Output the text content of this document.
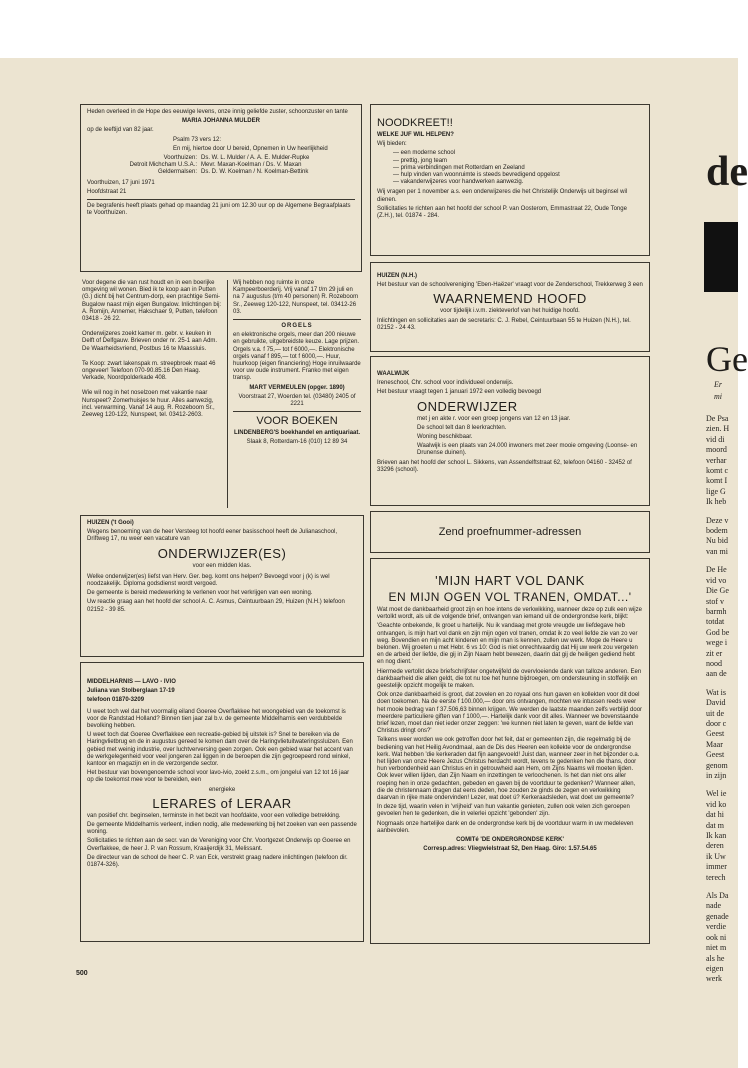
Heden overleed in de Hope des eeuwige levens, onze innig geliefde zuster, schoonzuster en tante

MARIA JOHANNA MULDER

op de leeftijd van 82 jaar.

Psalm 73 vers 12:

En mij, hiertoe door U bereid, Opnemen in Uw heerlijkheid

Voorthuizen: Ds. W. L. Mulder / A. A. E. Mulder-Rupke
Detroit Michcham U.S.A.: Mevr. Maxan-Koelman / Ds. V. Maxan
Geldermalsen: Ds. D. W. Koelman / N. Koelman-Bettink

Voorthuizen, 17 juni 1971

Hoofdstraat 21

De begrafenis heeft plaats gehad op maandag 21 juni om 12.30 uur op de Algemene Begraafplaats te Voorthuizen.

Voor degene die van rust houdt en in een boerijke omgeving wil wonen. Bied ik te koop aan in Putten (G.) dicht bij het Centrum-dorp, een prachtige Semi-Bugalow naast mijn eigen Bungalow. Inlichtingen bij: A. Romijn, Annemer, Hakschaer 9, Putten, telefoon 03418 - 26 22.

Onderwijzeres zoekt kamer m. gebr. v. keuken in Delft of Delfgauw. Brieven onder nr. 25-1 aan Adm. De Waarheidsvriend, Postbus 16 te Maassluis.

Te Koop: zwart lakenspak m. streepbroek maat 46 ongeveer! Telefoon 070-90.85.16 Den Haag. Verkade, Noordpolderkade 408.

Wie wil nog in het noselzoen met vakantie naar Nunspeet? Zomerhuisjes te huur. Alles aanwezig, incl. verwarming. Vanaf 14 aug. R. Rozeboom Sr., Zeeweg 120-122, Nunspeet, tel. 03412-2603.

Wij hebben nog ruimte in onze Kampeerboerderij. Vrij vanaf 17 t/m 29 juli en na 7 augustus (t/m 40 personen) R. Rozeboom Sr., Zeeweg 120-122, Nunspeet, tel. 03412-26 03.

ORGELS

en elektronische orgels, meer dan 200 nieuwe en gebruikte, uitgebreidste keuze. Lage prijzen. Orgels v.a. f 75,— tot f 6000,—. Elektronische orgels vanaf f 895,— tot f 6000,—. Huur, huurkoop (eigen financiering) Hoge inruilwaarde voor uw oude instrument. Franko met eigen transp.

MART VERMEULEN (opger. 1890)

Voorstraat 27, Woerden tel. (03480) 2405 of 2221

VOOR BOEKEN

LINDENBERG'S boekhandel en antiquariaat.

Slaak 8, Rotterdam-16 (010) 12 89 34

HUIZEN ('t Gooi)

Wegens benoeming van de heer Versteeg tot hoofd eener basisschool heeft de Julianaschool, Driftweg 17, nu weer een vacature van

ONDERWIJZER(ES)

voor een midden klas.

Welke onderwijzer(es) liefst van Herv. Ger. beg. komt ons helpen? Bevoegd voor j (k) is wel noodzakelijk. Diploma godsdienst wordt vergoed.

De gemeente is bereid medewerking te verlenen voor het verkrijgen van een woning.

Uw reactie graag aan het hoofd der school A. C. Asmus, Ceintuurbaan 29, Huizen (N.H.) telefoon 02152 - 39 85.

MIDDELHARNIS — LAVO - IVIO

Juliana van Stolberglaan 17-19

telefoon 01870-3209

U weet toch wel dat het voormalig eiland Goeree Overflakkee het woongebied van de toekomst is voor de Randstad Holland? Binnen tien jaar zal b.v. de gemeente Middelharnis een verdubbelde bevolking hebben.

U weet toch dat Goeree Overflakkee een recreatie-gebied bij uitstek is? Snel te bereiken via de Haringvlietbrug en de in augustus gereed te komen dam over de Haringvlietuitwateringssluizen. Een gebied met weinig industrie, over luchtverversing geen zorgen. Ook een gebied waar het accent van de werkgelegenheid voor veel jongeren zal liggen in de beroepen die zijn gegroepeerd rond winkel, kantoor en magazijn en in de verzorgende sector.

Het bestuur van bovengenoemde school voor lavo-ivio, zoekt z.s.m., om jongelui van 12 tot 16 jaar op die toekomst mee voor te bereiden, een

energieke

LERARES of LERAAR

van positief chr. beginselen, terminste in het bezit van hoofdakte, voor een volledige betrekking.

De gemeente Middelharnis verleent, indien nodig, alle medewerking bij het zoeken van een passende woning.

Sollicitaties te richten aan de secr. van de Vereniging voor Chr. Voortgezet Onderwijs op Goeree en Overflakkee, de heer J. P. van Rossum, Kraaijerdijk 31, Melissant.

De directeur van de school de heer C. P. van Eck, verstrekt graag nadere inlichtingen (telefoon dir. 01874-326).

NOODKREET!!

WELKE JUF WIL HELPEN?

Wij bieden:

— een moderne school

— prettig, jong team

— prima verbindingen met Rotterdam en Zeeland

— hulp vinden van woonruimte is steeds bevredigend opgelost

— vakanderwijzeres voor handwerken aanwezig.

Wij vragen per 1 november a.s. een onderwijzeres die het Christelijk Onderwijs uit beginsel wil dienen.

Sollicitaties te richten aan het hoofd der school P. van Oosterom, Emmastraat 22, Oude Tonge (Z.H.), tel. 01874 - 284.

HUIZEN (N.H.)

Het bestuur van de schoolvereniging 'Eben-Haëzer' vraagt voor de Zenderschool, Trekkerweg 3 een

WAARNEMEND HOOFD

voor tijdelijk i.v.m. ziekteverlof van het huidige hoofd.

Inlichtingen en sollicitaties aan de secretaris: C. J. Rebel, Ceintuurbaan 55 te Huizen (N.H.), tel. 02152 - 24 43.

WAALWIJK

Ireneschool, Chr. school voor individueel onderwijs.

Het bestuur vraagt tegen 1 januari 1972 een volledig bevoegd

ONDERWIJZER

met j en akte r. voor een groep jongens van 12 en 13 jaar.

De school telt dan 8 leerkrachten.

Woning beschikbaar.

Waalwijk is een plaats van 24.000 inwoners met zeer mooie omgeving (Loonse- en Drunense duinen).

Brieven aan het hoofd der school L. Sikkens, van Assendelftstraat 62, telefoon 04160 - 32452 of 33296 (school).

Zend proefnummer-adressen

'MIJN HART VOL DANK

EN MIJN OGEN VOL TRANEN, OMDAT...'

Wat moet de dankbaarheid groot zijn en hoe intens de verkwikking, wanneer deze op zulk een wijze vertolkt wordt, als uit de volgende brief, ontvangen van iemand uit de ondergrondse kerk, blijkt:

'Geachte onbekende, Ik groet u hartelijk. Nu ik vandaag met grote vreugde uw liefdegave heb ontvangen, is mijn hart vol dank en zijn mijn ogen vol tranen, omdat ik zo veel liefde zie van zo ver weg. Bovendien en mijn acht kinderen en mijn man is kennen, zullen uw werk. Moge de Heere u belonen. Wij groeten u met Hebr. 6 vs 10: God is niet onrechtvaardig dat Hij uw werk zou vergeten en de arbeid der liefde, die gij in Zijn Naam hebt bewezen, daarin dat gij de heiligen gediend hebt en nog dient.'

Hiermede vertolkt deze briefschrijfster ongetwijfeld de overvloeiende dank van talloze anderen. Een dankbaarheid die allen geldt, die tot nu toe het hunne bijdroegen, om ondersteuning in stoffelijk en geestelijk opzicht mogelijk te maken.

Ook onze dankbaarheid is groot, dat zovelen en zo royaal ons hun gaven en kollekten voor dit doel doen toekomen. Na de eerste f 100.000,— door ons ontvangen, mochten we intussen reeds weer het mooie bedrag van f 37.506,63 binnen krijgen. We werden de laatste maanden zelfs verblijd door meerdere particuliere giften van f 1000,—. Hartelijk dank voor dit alles. Wanneer we bovenstaande brief lezen, moet dan niet ieder onzer zeggen: 'we kunnen niet laten te geven, want de liefde van Christus dringt ons?'

Telkens weer worden we ook getroffen door het feit, dat er gemeenten zijn, die regelmatig bij de bediening van het Heilig Avondmaal, aan de Dis des Heeren een kollekte voor de ondergrondse kerk. Wat hebben 'die kerkeraden dat fijn aangevoeld! Juist dan, wanneer zeer in het bijzonder o.a. het lijden van onze Heere Jezus Christus herdacht wordt, tevens te gedenken hen die thans, door hun verbondenheid aan Christus en in getrouwheid aan Hem, om Zijns Naams wil moeten lijden. Ook lever willen lijden, dan Zijn Naam en inzettingen te verloochenen. Is het dan niet ons aller roeping hen in onze gedachten, gebeden en gaven bij de voortduur te gedenken? Wanneer allen, die de christennaam dragen dat eens deden, hoe zouden ze ginds de zegen en verkwikking daarvan in rijke mate ondervinden! Lezer, wat doet ú? Kerkeraadsleden, wat doet uw gemeente?

In deze tijd, waarin velen in 'vrijheid' van hun vakantie genieten, zullen ook velen zich geroepen gevoelen hen te gedenken, die in velerlei opzicht 'gebonden' zijn.

Nogmaals onze hartelijke dank en de ondergrondse kerk bij de voortduur warm in uw medeleven aanbevolen.

COMITé 'DE ONDERGRONDSE KERK'

Corresp.adres: Vliegwielstraat 52, Den Haag. Giro: 1.57.54.65

500
de
Ge
Er
mi
De Psa
zien. H
vid di
moord
verhar
komt c
komt I
lige G
Ik heb
Deze v
bodem
Nu bid
van mi
De He
vid vo
Die Ge
stof v
barmh
totdat
God be
wege i
zit er
nood
aan de
Wat is
David
uit de
door c
Geest
Maar
Geest
genom
in zijn
Wel ie
vid ko
dat hi
dat m
Ik kan
deren
ik Uw
immer
terech
Als Da
nade
genade
verdie
ook ni
niet m
als he
eigen
werk
